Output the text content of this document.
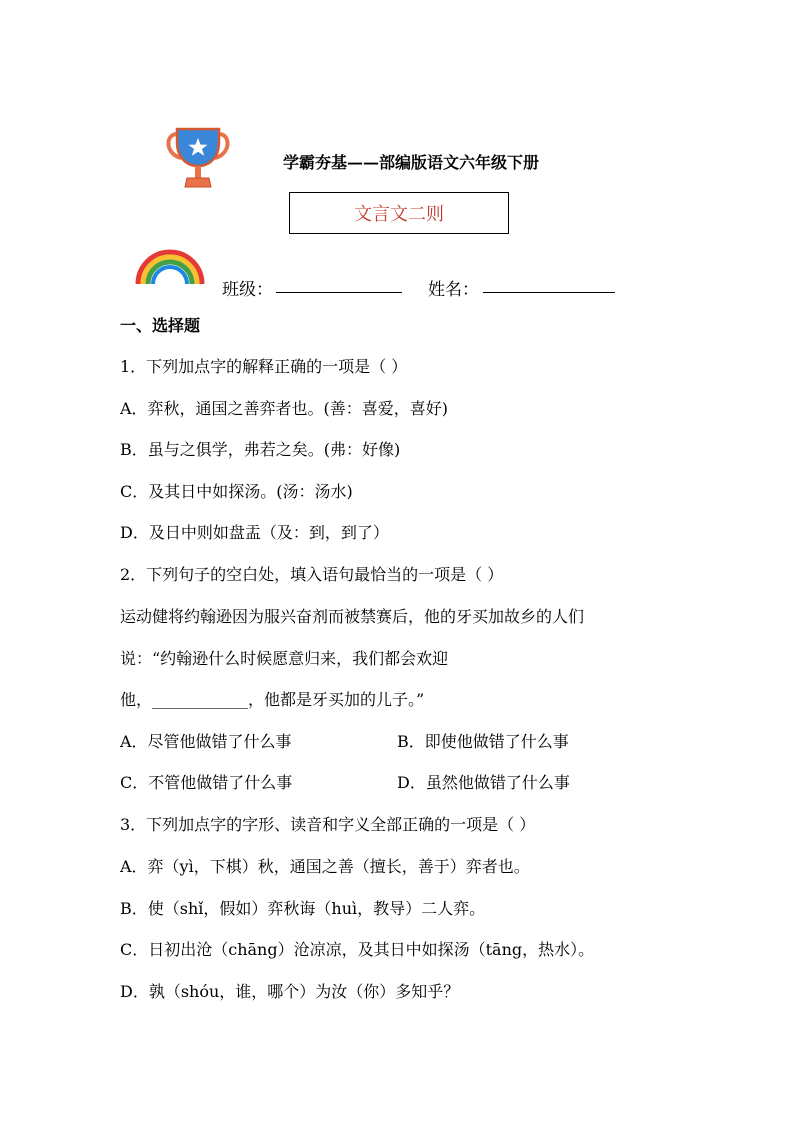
学霸夯基——部编版语文六年级下册
文言文二则
班级：	姓名：
一、选择题
1．下列加点字的解释正确的一项是（ ）
A．弈秋，通国之善弈者也。(善：喜爱，喜好)
B．虽与之俱学，弗若之矣。(弗：好像)
C．及其日中如探汤。(汤：汤水)
D．及日中则如盘盂（及：到，到了）
2．下列句子的空白处，填入语句最恰当的一项是（ ）
运动健将约翰逊因为服兴奋剂而被禁赛后，他的牙买加故乡的人们
说：“约翰逊什么时候愿意归来，我们都会欢迎
他，____________，他都是牙买加的儿子。”
A．尽管他做错了什么事	B．即使他做错了什么事
C．不管他做错了什么事	D．虽然他做错了什么事
3．下列加点字的字形、读音和字义全部正确的一项是（ ）
A．弈（yì，下棋）秋，通国之善（擅长，善于）弈者也。
B．使（shǐ，假如）弈秋诲（huì，教导）二人弈。
C．日初出沧（chāng）沧凉凉，及其日中如探汤（tāng，热水）。
D．孰（shóu，谁，哪个）为汝（你）多知乎？
